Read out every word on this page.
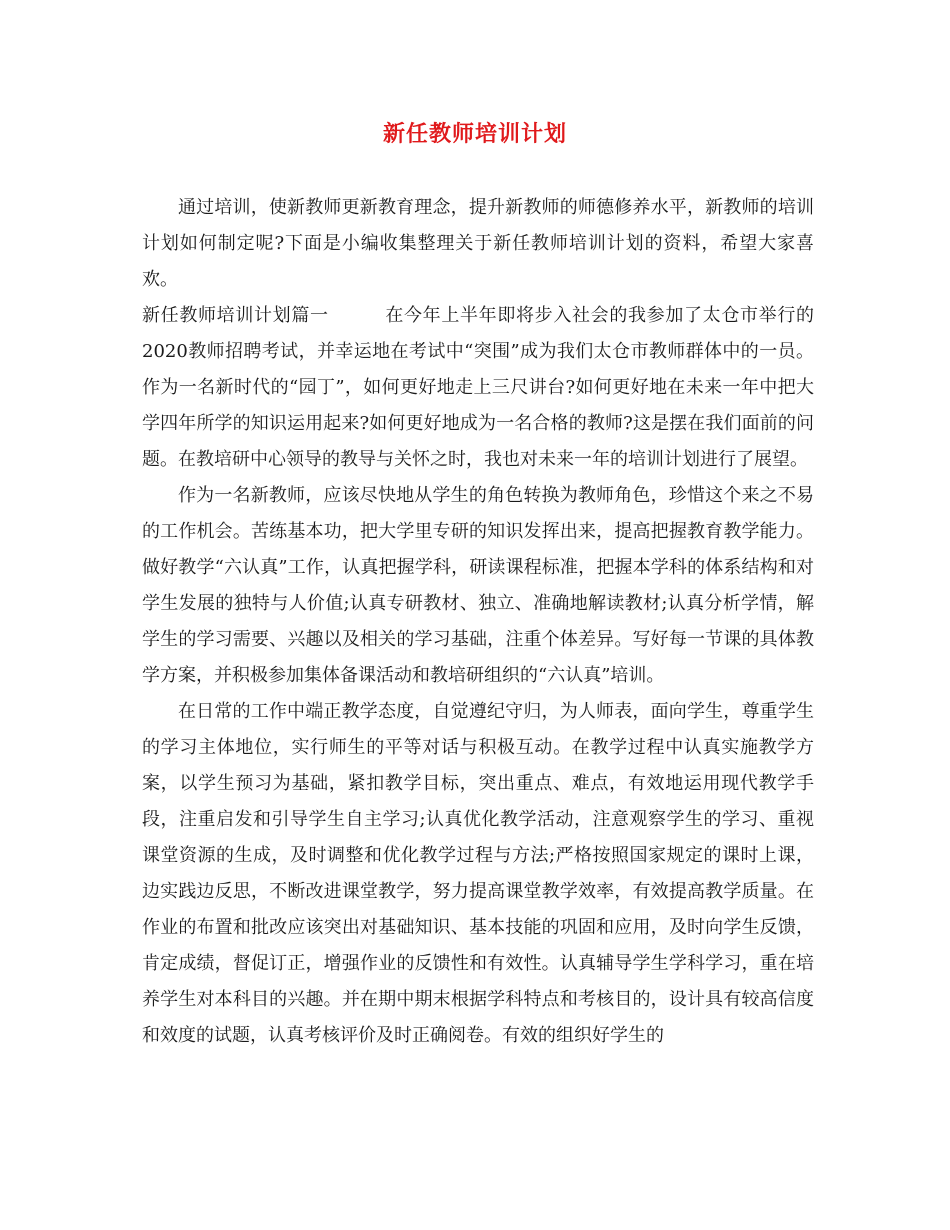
新任教师培训计划

通过培训，使新教师更新教育理念，提升新教师的师德修养水平，新教师的培训计划如何制定呢?下面是小编收集整理关于新任教师培训计划的资料，希望大家喜欢。

新任教师培训计划篇一	在今年上半年即将步入社会的我参加了太仓市举行的2020教师招聘考试，并幸运地在考试中“突围”成为我们太仓市教师群体中的一员。作为一名新时代的“园丁”，如何更好地走上三尺讲台?如何更好地在未来一年中把大学四年所学的知识运用起来?如何更好地成为一名合格的教师?这是摆在我们面前的问题。在教培研中心领导的教导与关怀之时，我也对未来一年的培训计划进行了展望。

作为一名新教师，应该尽快地从学生的角色转换为教师角色，珍惜这个来之不易的工作机会。苦练基本功，把大学里专研的知识发挥出来，提高把握教育教学能力。做好教学“六认真”工作，认真把握学科，研读课程标准，把握本学科的体系结构和对学生发展的独特与人价值;认真专研教材、独立、准确地解读教材;认真分析学情，解学生的学习需要、兴趣以及相关的学习基础，注重个体差异。写好每一节课的具体教学方案，并积极参加集体备课活动和教培研组织的“六认真”培训。

在日常的工作中端正教学态度，自觉遵纪守归，为人师表，面向学生，尊重学生的学习主体地位，实行师生的平等对话与积极互动。在教学过程中认真实施教学方案，以学生预习为基础，紧扣教学目标，突出重点、难点，有效地运用现代教学手段，注重启发和引导学生自主学习;认真优化教学活动，注意观察学生的学习、重视课堂资源的生成，及时调整和优化教学过程与方法;严格按照国家规定的课时上课，边实践边反思，不断改进课堂教学，努力提高课堂教学效率，有效提高教学质量。在作业的布置和批改应该突出对基础知识、基本技能的巩固和应用，及时向学生反馈，肯定成绩，督促订正，增强作业的反馈性和有效性。认真辅导学生学科学习，重在培养学生对本科目的兴趣。并在期中期末根据学科特点和考核目的，设计具有较高信度和效度的试题，认真考核评价及时正确阅卷。有效的组织好学生的
